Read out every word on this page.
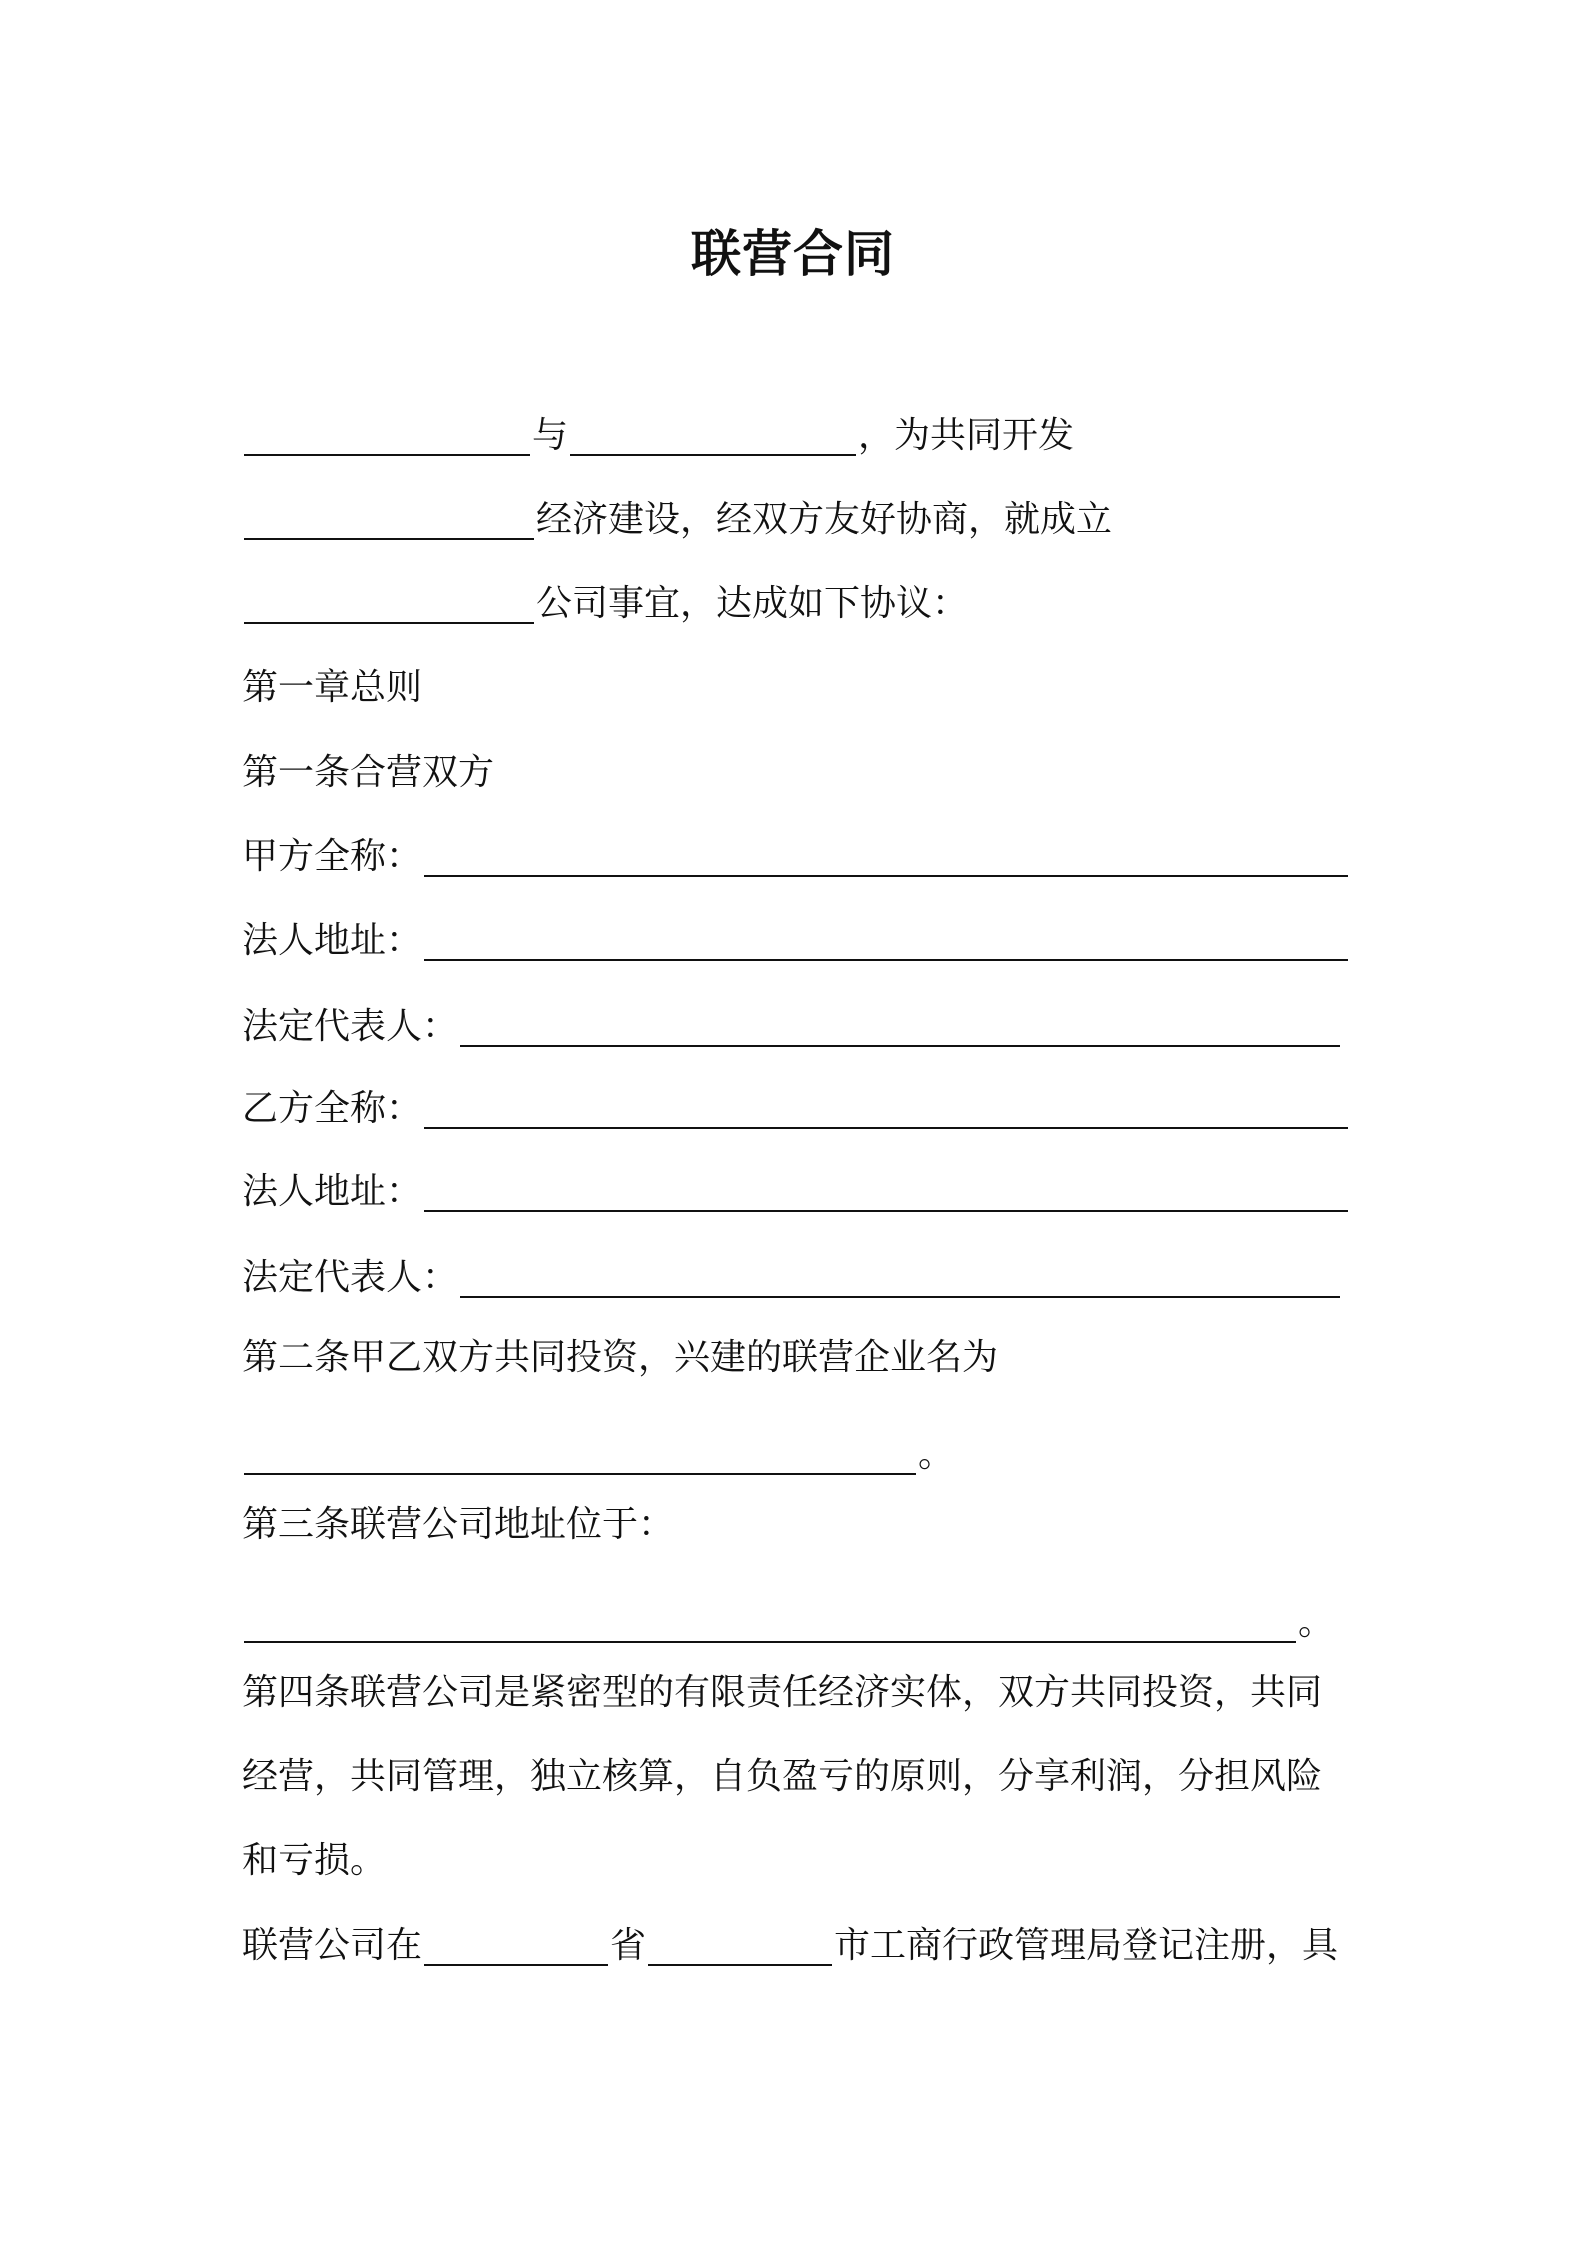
联营合同
与	，为共同开发
经济建设，经双方友好协商，就成立
公司事宜，达成如下协议：
第一章总则
第一条合营双方
甲方全称：
法人地址：
法定代表人：
乙方全称：
法人地址：
法定代表人：
第二条甲乙双方共同投资，兴建的联营企业名为
。
第三条联营公司地址位于：
。
第四条联营公司是紧密型的有限责任经济实体，双方共同投资，共同
经营，共同管理，独立核算，自负盈亏的原则，分享利润，分担风险
和亏损。
联营公司在	省	市工商行政管理局登记注册，具
